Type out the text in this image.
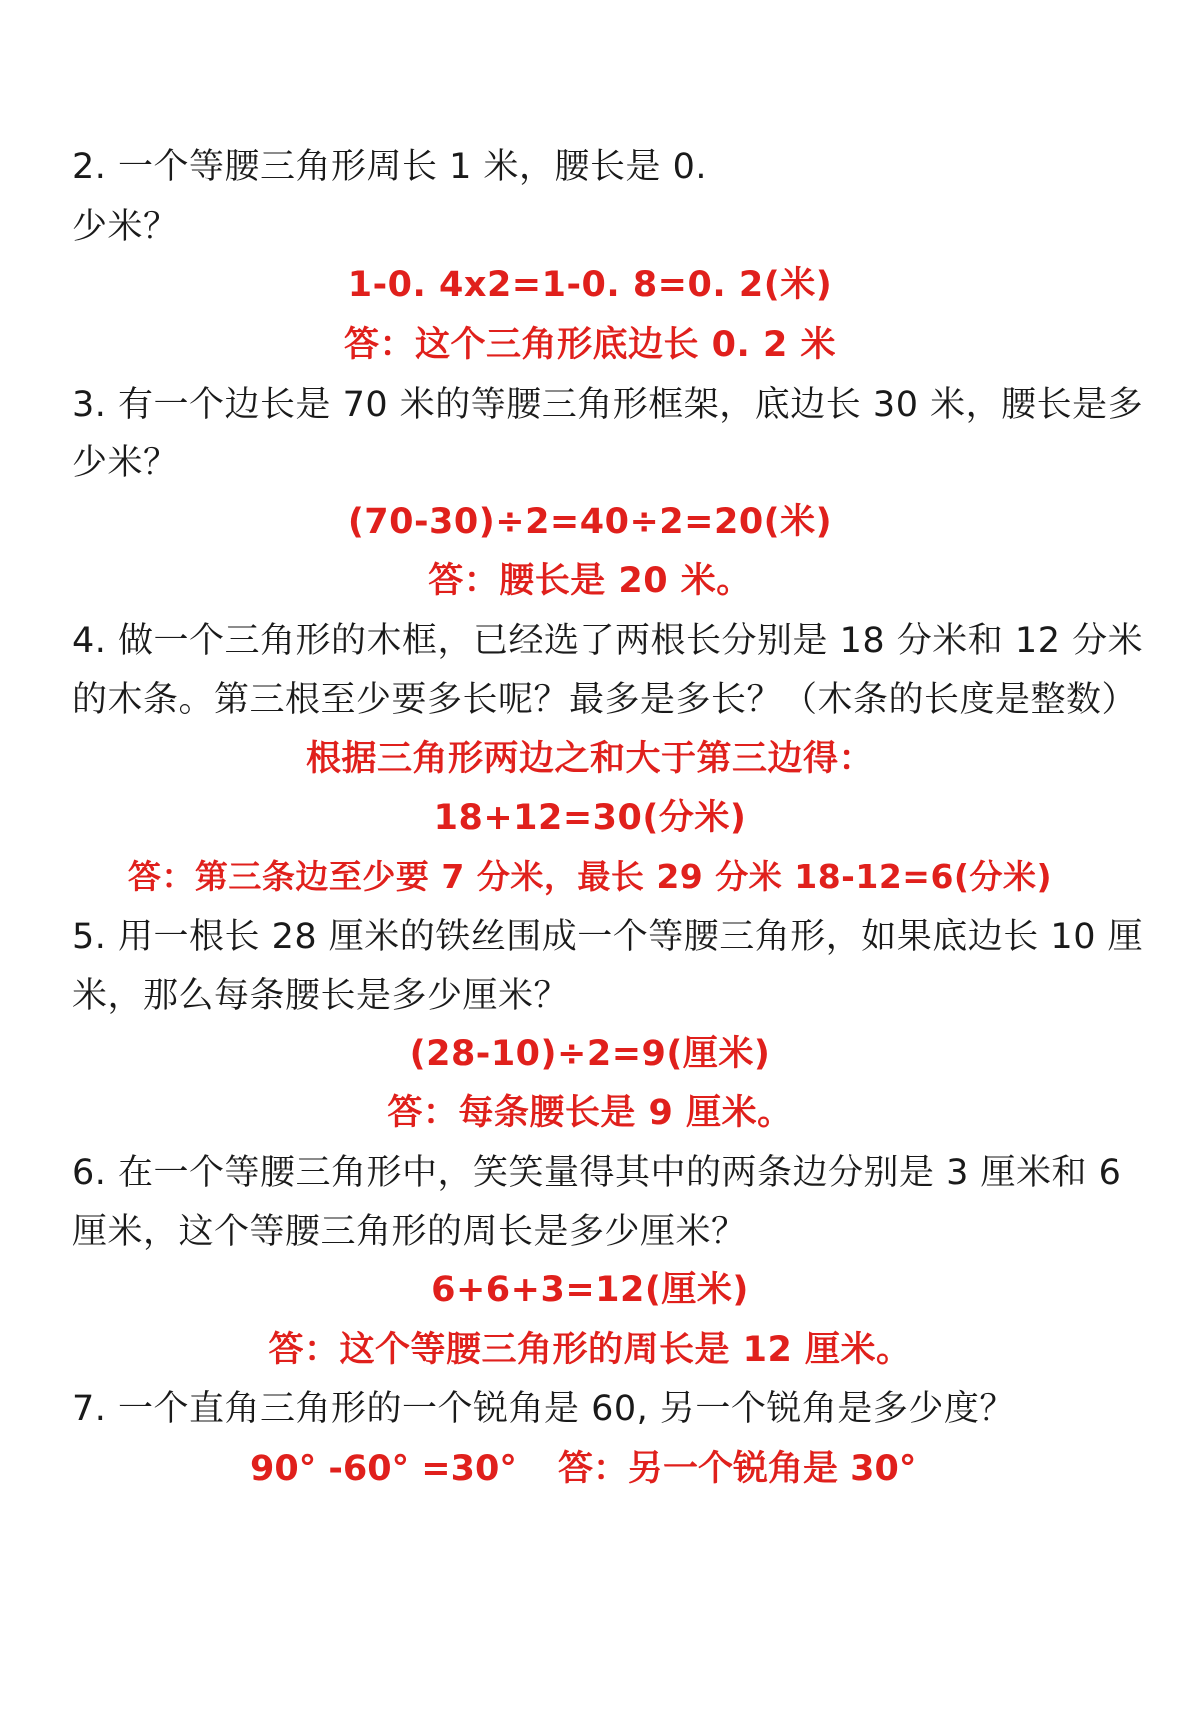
2. 一个等腰三角形周长 1 米，腰长是 0.
少米？
1-0. 4x2=1-0. 8=0. 2(米)
答：这个三角形底边长 0. 2 米
3. 有一个边长是 70 米的等腰三角形框架，底边长 30 米，腰长是多
少米？
(70-30)÷2=40÷2=20(米)
答：腰长是 20 米。
4. 做一个三角形的木框，已经选了两根长分别是 18 分米和 12 分米
的木条。第三根至少要多长呢？最多是多长？（木条的长度是整数）
根据三角形两边之和大于第三边得：
18+12=30(分米)
答：第三条边至少要 7 分米，最长 29 分米 18-12=6(分米)
5. 用一根长 28 厘米的铁丝围成一个等腰三角形，如果底边长 10 厘
米，那么每条腰长是多少厘米？
(28-10)÷2=9(厘米)
答：每条腰长是 9 厘米。
6. 在一个等腰三角形中，笑笑量得其中的两条边分别是 3 厘米和 6
厘米，这个等腰三角形的周长是多少厘米？
6+6+3=12(厘米)
答：这个等腰三角形的周长是 12 厘米。
7. 一个直角三角形的一个锐角是 60, 另一个锐角是多少度？
90° -60° =30° 答：另一个锐角是 30°
